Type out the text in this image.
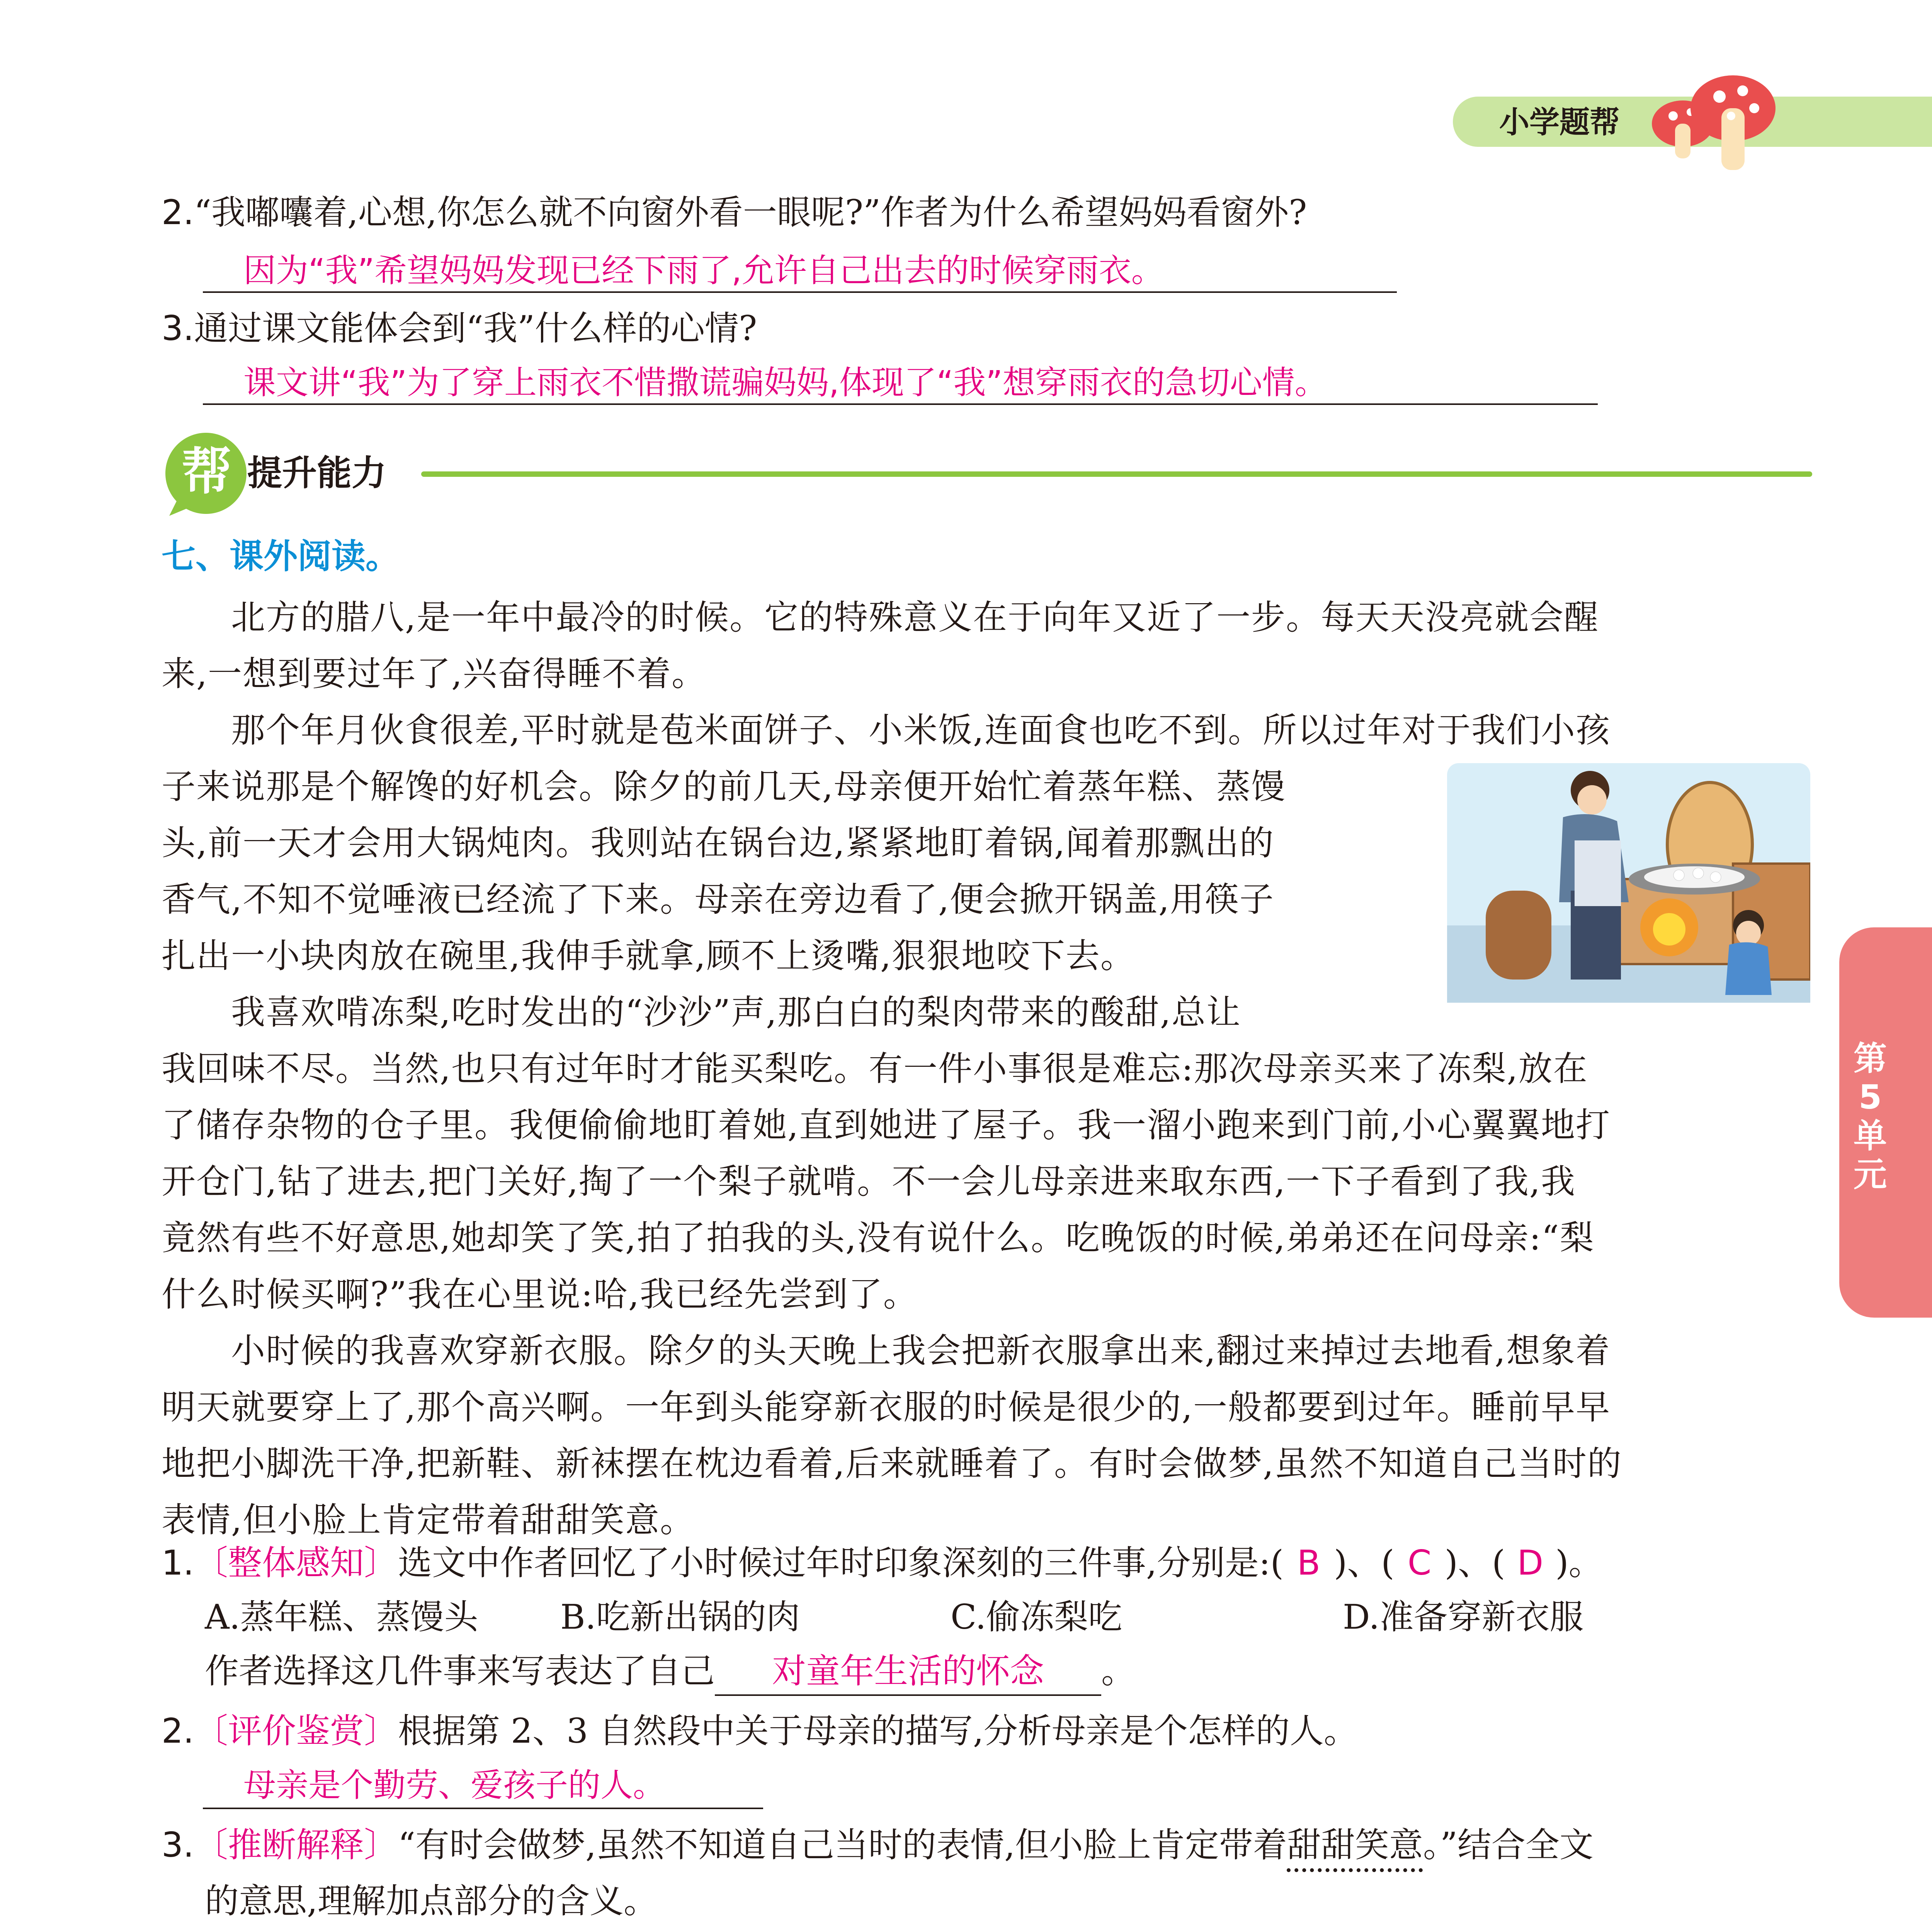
小学题帮
第
5
单
元
2.“我嘟囔着,心想,你怎么就不向窗外看一眼呢?”作者为什么希望妈妈看窗外?
因为“我”希望妈妈发现已经下雨了,允许自己出去的时候穿雨衣。
3.通过课文能体会到“我”什么样的心情?
课文讲“我”为了穿上雨衣不惜撒谎骗妈妈,体现了“我”想穿雨衣的急切心情。
帮 提升能力
七、课外阅读。
北方的腊八,是一年中最冷的时候。它的特殊意义在于向年又近了一步。每天天没亮就会醒
来,一想到要过年了,兴奋得睡不着。
那个年月伙食很差,平时就是苞米面饼子、小米饭,连面食也吃不到。所以过年对于我们小孩
子来说那是个解馋的好机会。除夕的前几天,母亲便开始忙着蒸年糕、蒸馒
头,前一天才会用大锅炖肉。我则站在锅台边,紧紧地盯着锅,闻着那飘出的
香气,不知不觉唾液已经流了下来。母亲在旁边看了,便会掀开锅盖,用筷子
扎出一小块肉放在碗里,我伸手就拿,顾不上烫嘴,狠狠地咬下去。
我喜欢啃冻梨,吃时发出的“沙沙”声,那白白的梨肉带来的酸甜,总让
我回味不尽。当然,也只有过年时才能买梨吃。有一件小事很是难忘:那次母亲买来了冻梨,放在
了储存杂物的仓子里。我便偷偷地盯着她,直到她进了屋子。我一溜小跑来到门前,小心翼翼地打
开仓门,钻了进去,把门关好,掏了一个梨子就啃。不一会儿母亲进来取东西,一下子看到了我,我
竟然有些不好意思,她却笑了笑,拍了拍我的头,没有说什么。吃晚饭的时候,弟弟还在问母亲:“梨
什么时候买啊?”我在心里说:哈,我已经先尝到了。
小时候的我喜欢穿新衣服。除夕的头天晚上我会把新衣服拿出来,翻过来掉过去地看,想象着
明天就要穿上了,那个高兴啊。一年到头能穿新衣服的时候是很少的,一般都要到过年。睡前早早
地把小脚洗干净,把新鞋、新袜摆在枕边看着,后来就睡着了。有时会做梦,虽然不知道自己当时的
表情,但小脸上肯定带着甜甜笑意。
1.〔整体感知〕选文中作者回忆了小时候过年时印象深刻的三件事,分别是:( B )、( C )、( D )。
A.蒸年糕、蒸馒头 B.吃新出锅的肉	C.偷冻梨吃	D.准备穿新衣服
作者选择这几件事来写表达了自己 对童年生活的怀念 。
2.〔评价鉴赏〕根据第 2、3 自然段中关于母亲的描写,分析母亲是个怎样的人。
母亲是个勤劳、爱孩子的人。
3.〔推断解释〕“有时会做梦,虽然不知道自己当时的表情,但小脸上肯定带着甜甜笑意。”结合全文
的意思,理解加点部分的含义。
